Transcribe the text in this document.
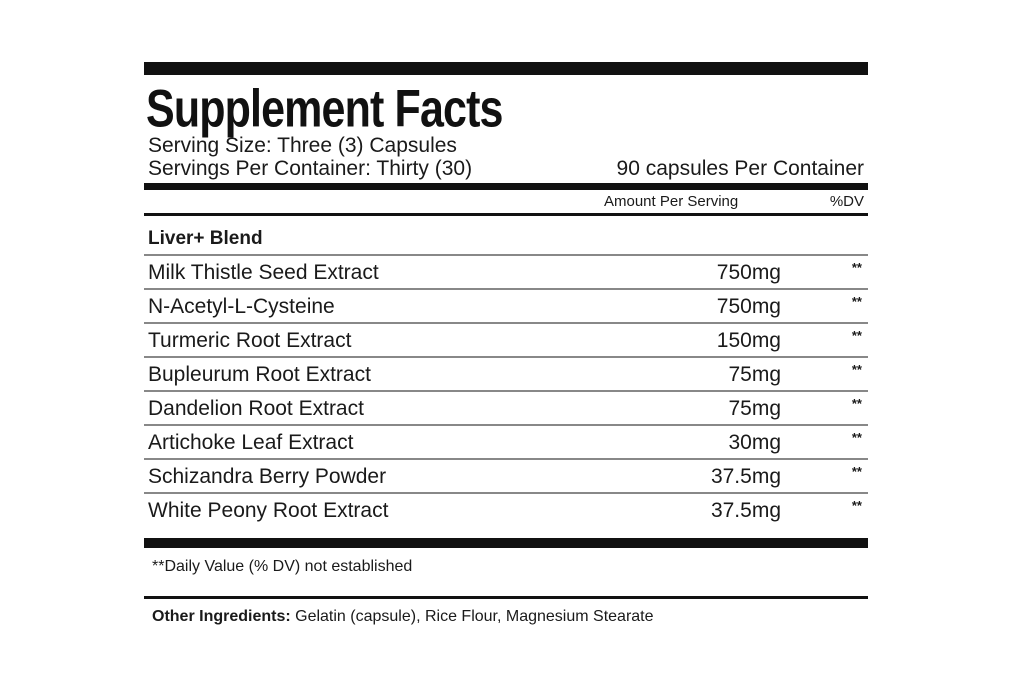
Supplement Facts
Serving Size: Three (3) Capsules
Servings Per Container: Thirty (30)	90 capsules Per Container
Amount Per Serving	%DV
Liver+ Blend
Milk Thistle Seed Extract	750mg	**
N-Acetyl-L-Cysteine	750mg	**
Turmeric Root Extract	150mg	**
Bupleurum Root Extract	75mg	**
Dandelion Root Extract	75mg	**
Artichoke Leaf Extract	30mg	**
Schizandra Berry Powder	37.5mg	**
White Peony Root Extract	37.5mg	**
**Daily Value (% DV) not established
Other Ingredients: Gelatin (capsule), Rice Flour, Magnesium Stearate
